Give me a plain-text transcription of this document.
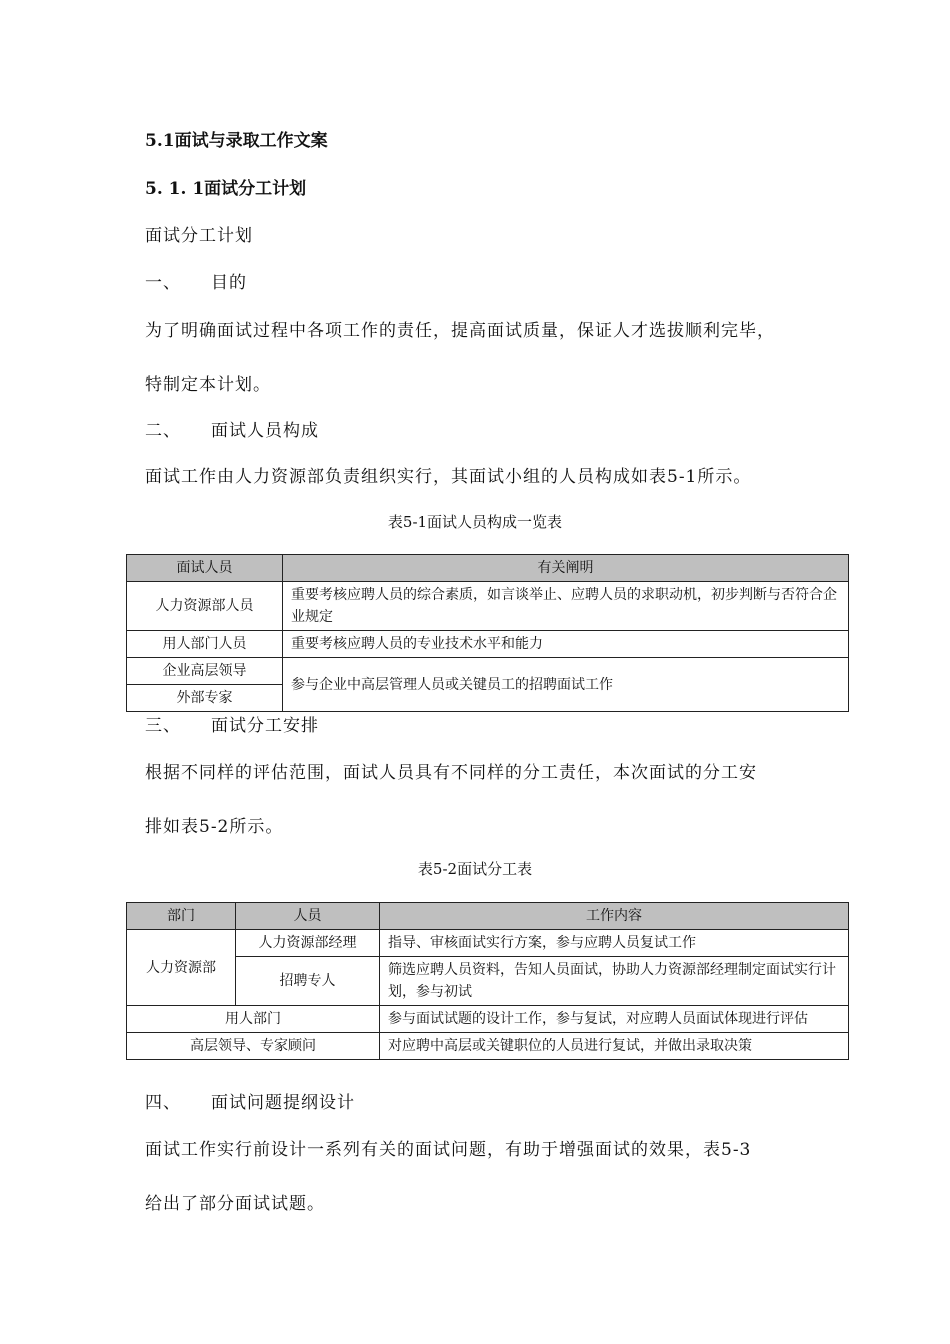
5.1面试与录取工作文案
5. 1. 1面试分工计划
面试分工计划
一、 目的
为了明确面试过程中各项工作的责任，提高面试质量，保证人才选拔顺利完毕，
特制定本计划。
二、 面试人员构成
面试工作由人力资源部负责组织实行，其面试小组的人员构成如表5-1所示。
表5-1面试人员构成一览表
面试人员	有关阐明
人力资源部人员	重要考核应聘人员的综合素质，如言谈举止、应聘人员的求职动机，初步判断与否符合企业规定
用人部门人员	重要考核应聘人员的专业技术水平和能力
企业高层领导	参与企业中高层管理人员或关键员工的招聘面试工作
外部专家	
三、 面试分工安排
根据不同样的评估范围，面试人员具有不同样的分工责任，本次面试的分工安
排如表5-2所示。
表5-2面试分工表
部门	人员	工作内容
人力资源部	人力资源部经理	指导、审核面试实行方案，参与应聘人员复试工作
	招聘专人	筛选应聘人员资料，告知人员面试，协助人力资源部经理制定面试实行计划，参与初试
用人部门		参与面试试题的设计工作，参与复试，对应聘人员面试体现进行评估
高层领导、专家顾问		对应聘中高层或关键职位的人员进行复试，并做出录取决策
四、 面试问题提纲设计
面试工作实行前设计一系列有关的面试问题，有助于增强面试的效果，表5-3
给出了部分面试试题。
